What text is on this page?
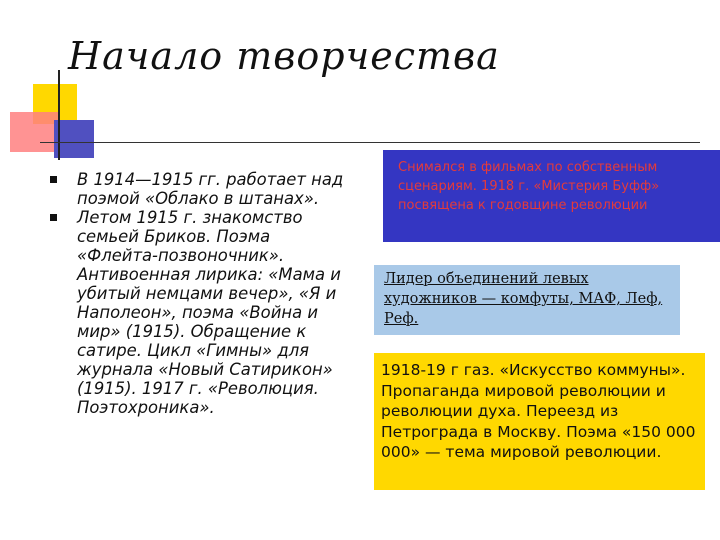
Начало творчества
В 1914—1915 гг. работает над поэмой «Облако в штанах».
Летом 1915 г. знакомство семьей Бриков. Поэма «Флейта-позвоночник». Антивоенная лирика: «Мама и убитый немцами вечер», «Я и Наполеон», поэма «Война и мир» (1915). Обращение к сатире. Цикл «Гимны» для журнала «Новый Сатирикон» (1915). 1917 г. «Революция. Поэтохроника».
Снимался в фильмах по собственным сценариям. 1918 г. «Мистерия Буфф» посвящена к годовщине революции
Лидер объединений левых художников — комфуты, МАФ, Леф, Реф.
1918-19 г газ. «Искусство коммуны». Пропаганда мировой революции и революции духа. Переезд из Петрограда в Москву. Поэма «150 000 000» — тема мировой революции.
